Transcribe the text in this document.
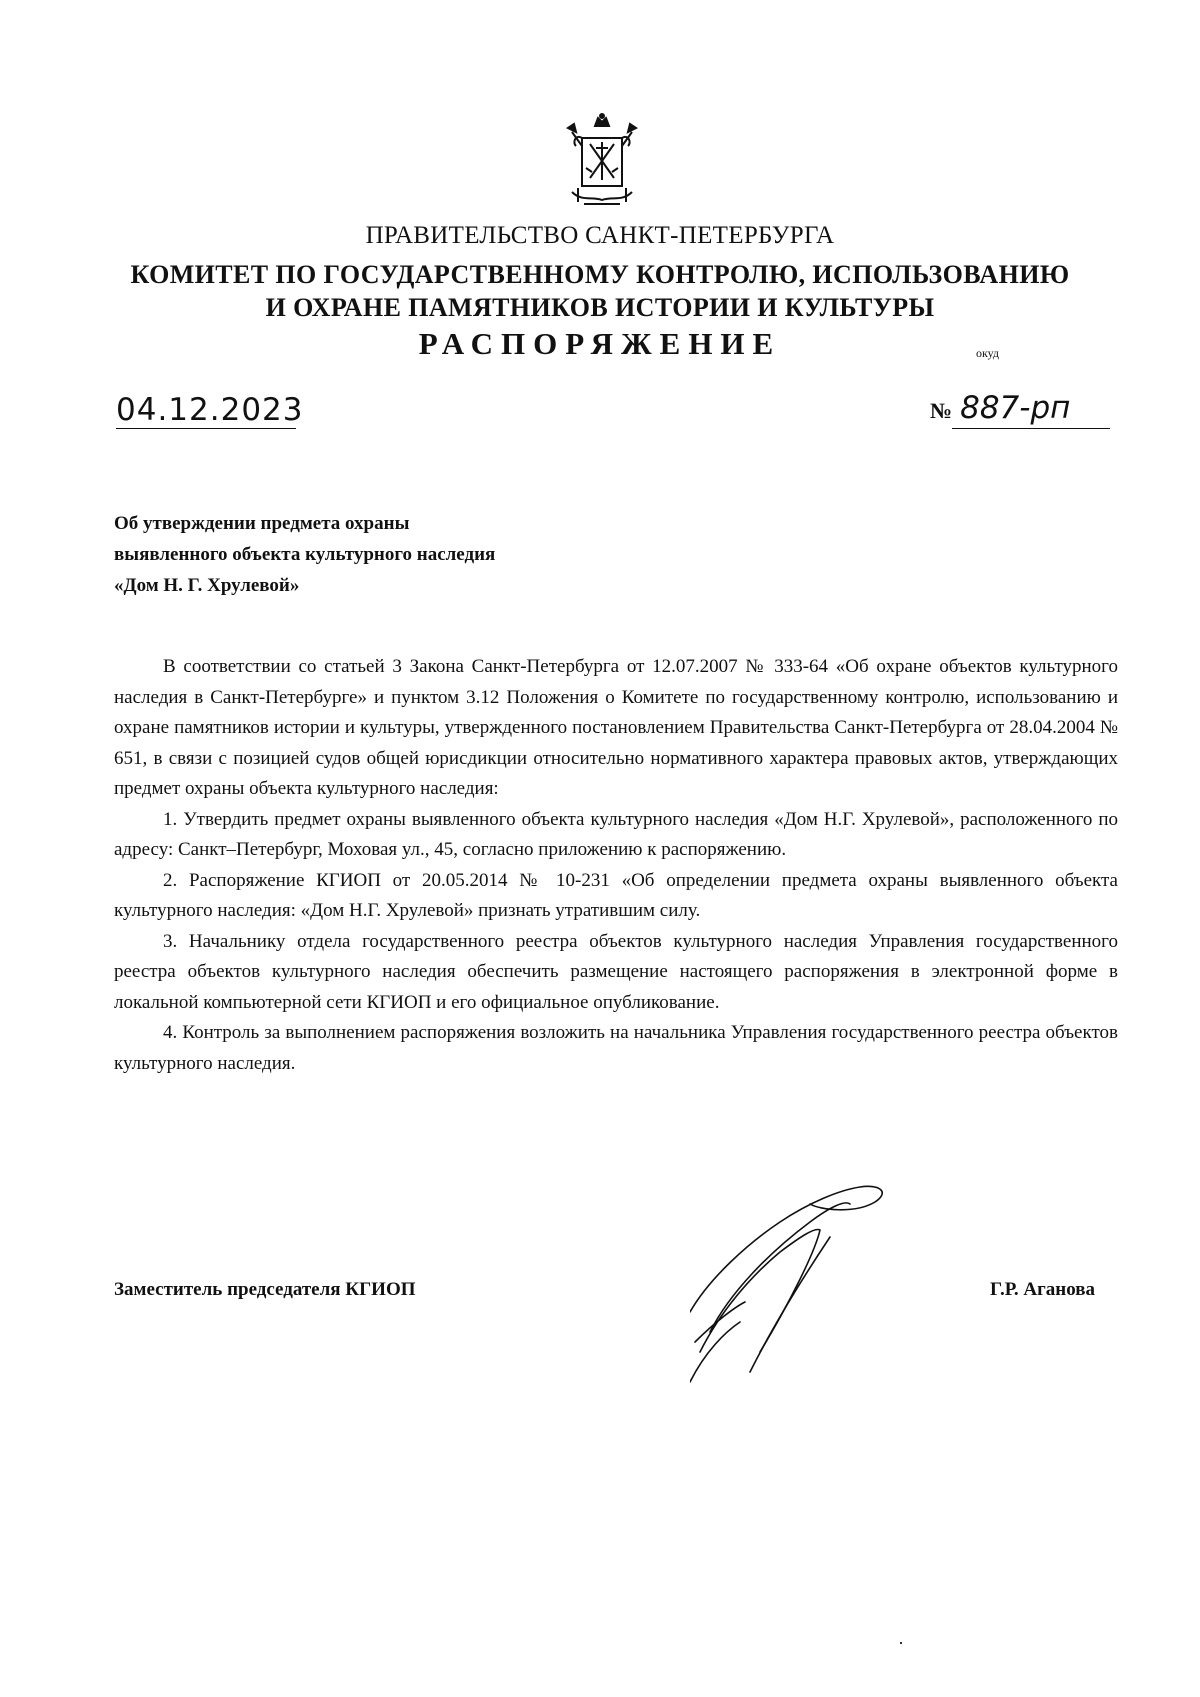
ПРАВИТЕЛЬСТВО САНКТ-ПЕТЕРБУРГА
КОМИТЕТ ПО ГОСУДАРСТВЕННОМУ КОНТРОЛЮ, ИСПОЛЬЗОВАНИЮ
И ОХРАНЕ ПАМЯТНИКОВ ИСТОРИИ И КУЛЬТУРЫ
РАСПОРЯЖЕНИЕ	окуд
04.12.2023	№ 887-рп
Об утверждении предмета охраны
выявленного объекта культурного наследия
«Дом Н. Г. Хрулевой»

В соответствии со статьей 3 Закона Санкт-Петербурга от 12.07.2007 № 333-64 «Об охране объектов культурного наследия в Санкт-Петербурге» и пунктом 3.12 Положения о Комитете по государственному контролю, использованию и охране памятников истории и культуры, утвержденного постановлением Правительства Санкт-Петербурга от 28.04.2004 № 651, в связи с позицией судов общей юрисдикции относительно нормативного характера правовых актов, утверждающих предмет охраны объекта культурного наследия:

1. Утвердить предмет охраны выявленного объекта культурного наследия «Дом Н.Г. Хрулевой», расположенного по адресу: Санкт–Петербург, Моховая ул., 45, согласно приложению к распоряжению.

2. Распоряжение КГИОП от 20.05.2014 № 10-231 «Об определении предмета охраны выявленного объекта культурного наследия: «Дом Н.Г. Хрулевой» признать утратившим силу.

3. Начальнику отдела государственного реестра объектов культурного наследия Управления государственного реестра объектов культурного наследия обеспечить размещение настоящего распоряжения в электронной форме в локальной компьютерной сети КГИОП и его официальное опубликование.

4. Контроль за выполнением распоряжения возложить на начальника Управления государственного реестра объектов культурного наследия.

Заместитель председателя КГИОП	Г.Р. Аганова
